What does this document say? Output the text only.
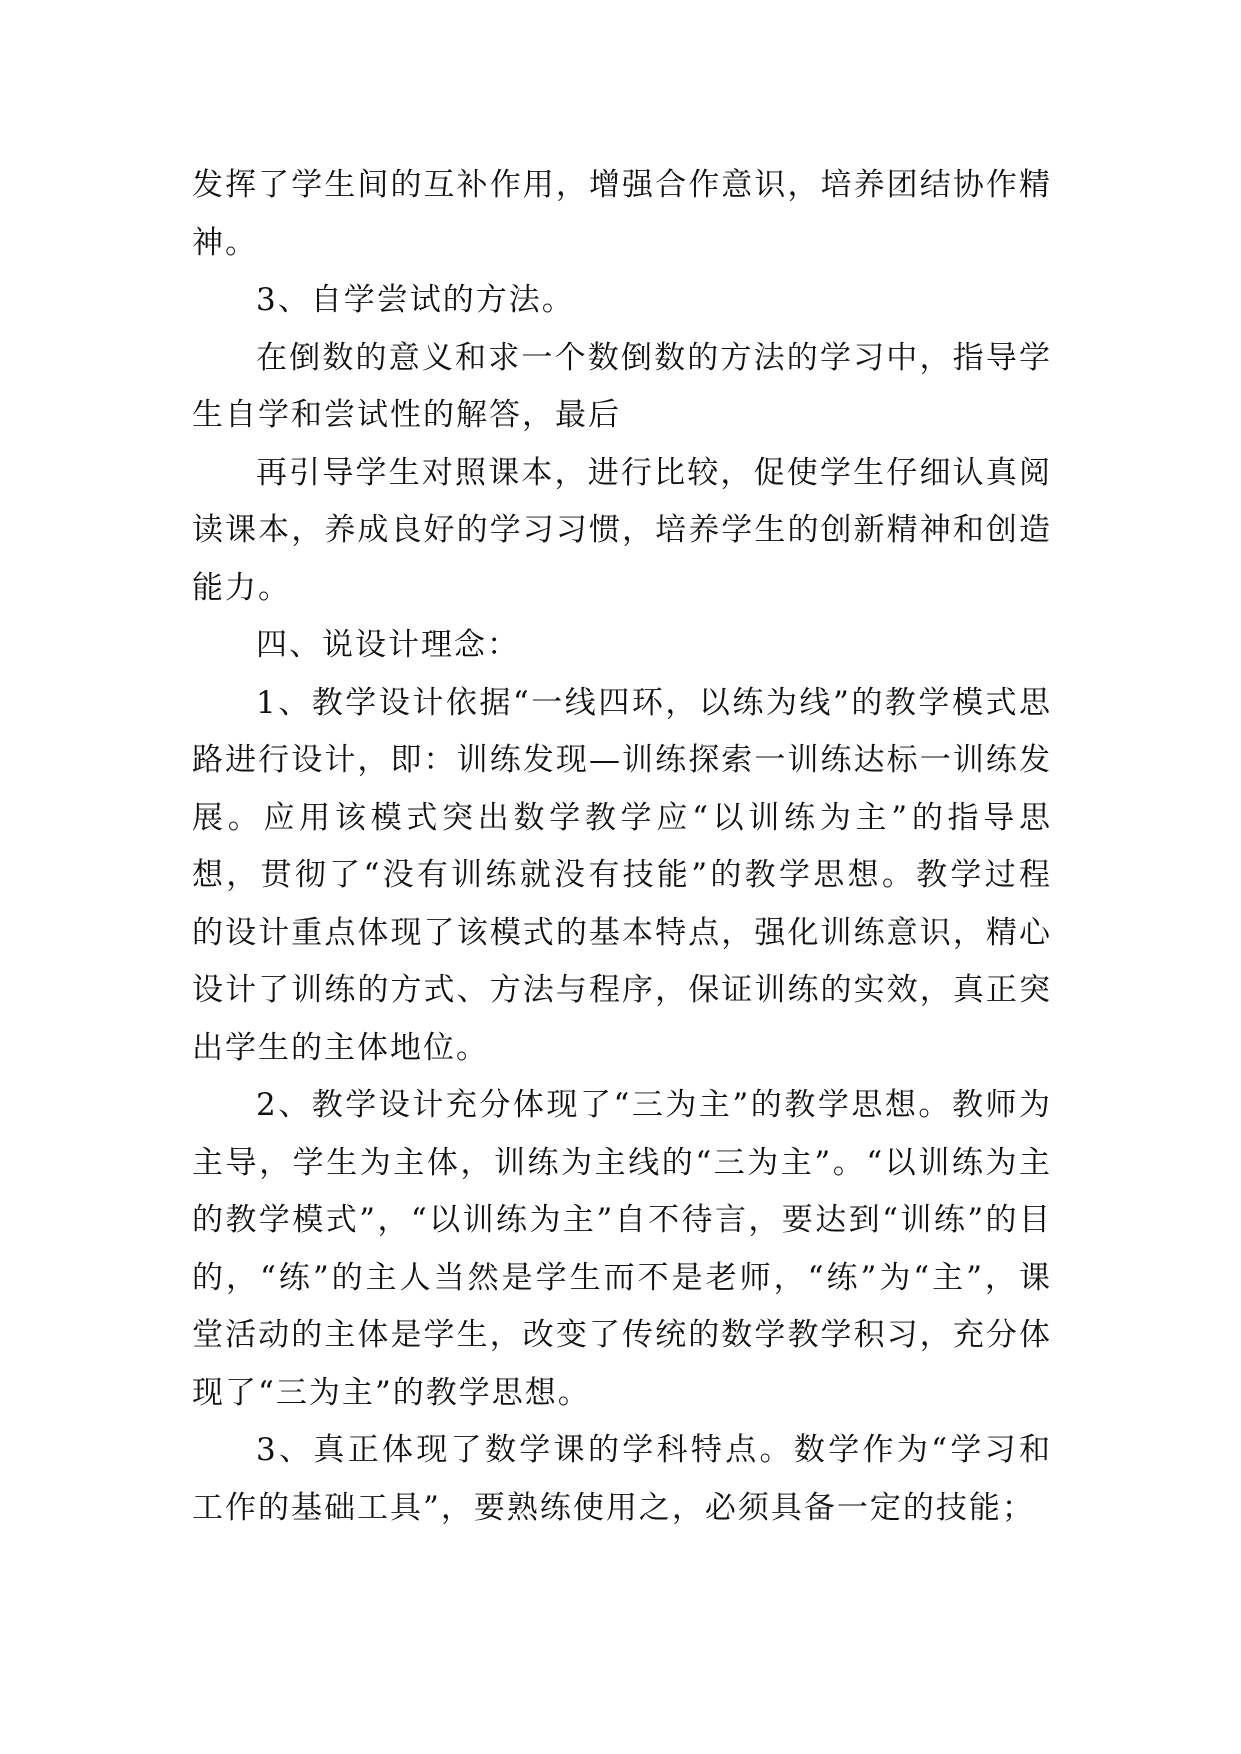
发挥了学生间的互补作用，增强合作意识，培养团结协作精神。

3、自学尝试的方法。

在倒数的意义和求一个数倒数的方法的学习中，指导学生自学和尝试性的解答，最后

再引导学生对照课本，进行比较，促使学生仔细认真阅读课本，养成良好的学习习惯，培养学生的创新精神和创造能力。

四、说设计理念：

1、教学设计依据“一线四环，以练为线”的教学模式思路进行设计，即：训练发现—训练探索一训练达标一训练发展。应用该模式突出数学教学应“以训练为主”的指导思想，贯彻了“没有训练就没有技能”的教学思想。教学过程的设计重点体现了该模式的基本特点，强化训练意识，精心设计了训练的方式、方法与程序，保证训练的实效，真正突出学生的主体地位。

2、教学设计充分体现了“三为主”的教学思想。教师为主导，学生为主体，训练为主线的“三为主”。“以训练为主的教学模式”，“以训练为主”自不待言，要达到“训练”的目的，“练”的主人当然是学生而不是老师，“练”为“主”，课堂活动的主体是学生，改变了传统的数学教学积习，充分体现了“三为主”的教学思想。

3、真正体现了数学课的学科特点。数学作为“学习和工作的基础工具”，要熟练使用之，必须具备一定的技能；
